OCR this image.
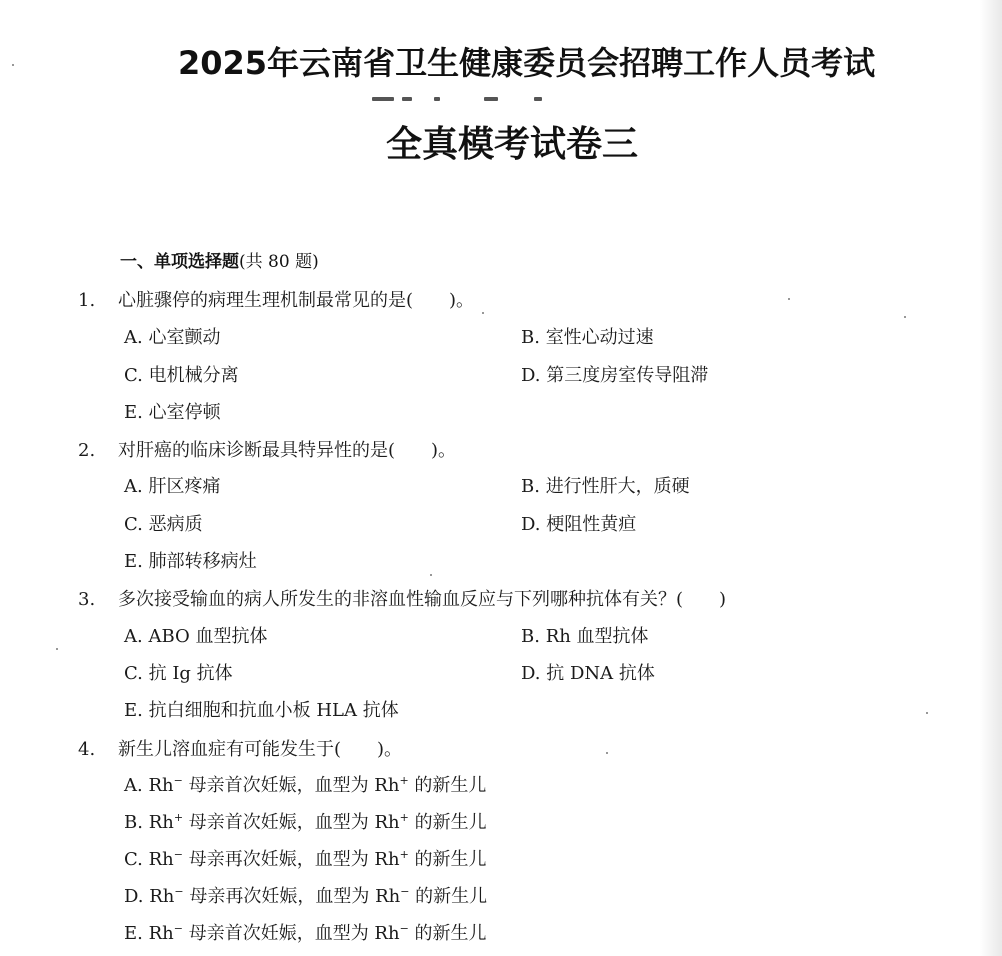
2025年云南省卫生健康委员会招聘工作人员考试
全真模考试卷三
一、单项选择题(共 80 题)
1. 心脏骤停的病理生理机制最常见的是(　　)。
A. 心室颤动	B. 室性心动过速
C. 电机械分离	D. 第三度房室传导阻滞
E. 心室停顿
2. 对肝癌的临床诊断最具特异性的是(　　)。
A. 肝区疼痛	B. 进行性肝大，质硬
C. 恶病质	D. 梗阻性黄疸
E. 肺部转移病灶
3. 多次接受输血的病人所发生的非溶血性输血反应与下列哪种抗体有关？(　　)
A. ABO 血型抗体	B. Rh 血型抗体
C. 抗 Ig 抗体	D. 抗 DNA 抗体
E. 抗白细胞和抗血小板 HLA 抗体
4. 新生儿溶血症有可能发生于(　　)。
A. Rh− 母亲首次妊娠，血型为 Rh+ 的新生儿
B. Rh+ 母亲首次妊娠，血型为 Rh+ 的新生儿
C. Rh− 母亲再次妊娠，血型为 Rh+ 的新生儿
D. Rh− 母亲再次妊娠，血型为 Rh− 的新生儿
E. Rh− 母亲首次妊娠，血型为 Rh− 的新生儿
